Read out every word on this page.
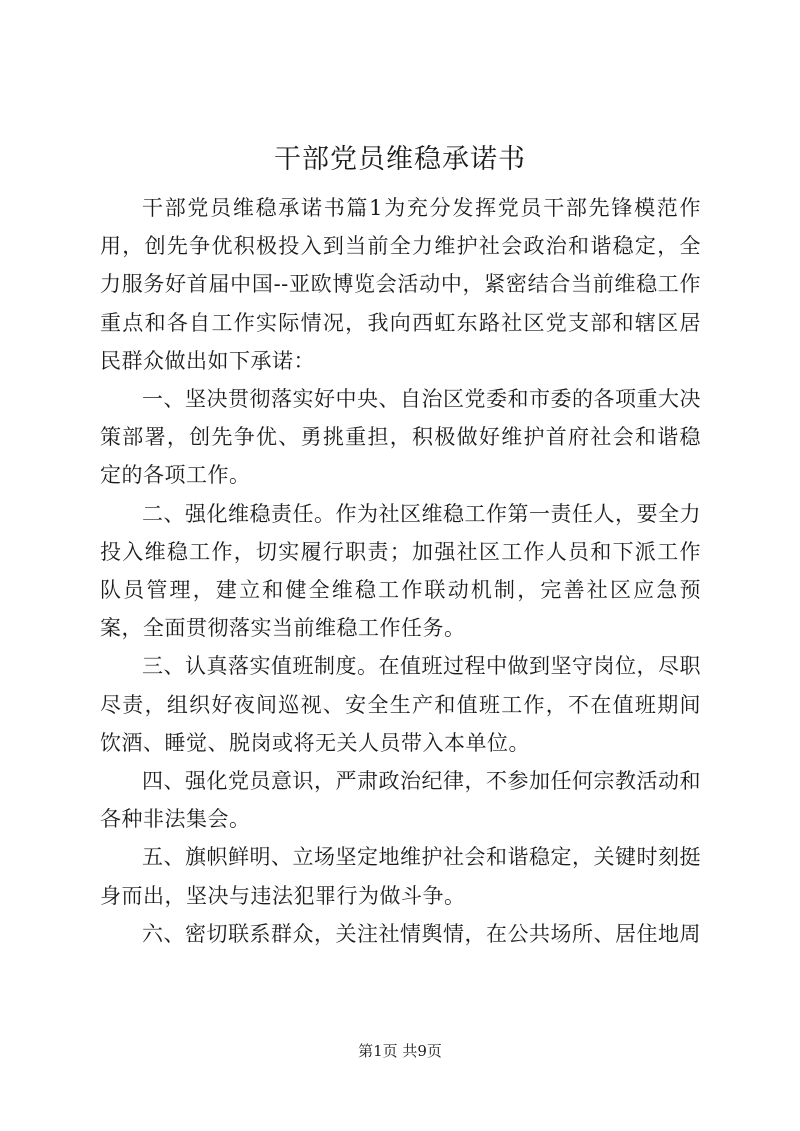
干部党员维稳承诺书

干部党员维稳承诺书篇1为充分发挥党员干部先锋模范作用，创先争优积极投入到当前全力维护社会政治和谐稳定，全力服务好首届中国--亚欧博览会活动中，紧密结合当前维稳工作重点和各自工作实际情况，我向西虹东路社区党支部和辖区居民群众做出如下承诺：

一、坚决贯彻落实好中央、自治区党委和市委的各项重大决策部署，创先争优、勇挑重担，积极做好维护首府社会和谐稳定的各项工作。

二、强化维稳责任。作为社区维稳工作第一责任人，要全力投入维稳工作，切实履行职责；加强社区工作人员和下派工作队员管理，建立和健全维稳工作联动机制，完善社区应急预案，全面贯彻落实当前维稳工作任务。

三、认真落实值班制度。在值班过程中做到坚守岗位，尽职尽责，组织好夜间巡视、安全生产和值班工作，不在值班期间饮酒、睡觉、脱岗或将无关人员带入本单位。

四、强化党员意识，严肃政治纪律，不参加任何宗教活动和各种非法集会。

五、旗帜鲜明、立场坚定地维护社会和谐稳定，关键时刻挺身而出，坚决与违法犯罪行为做斗争。

六、密切联系群众，关注社情舆情，在公共场所、居住地周

第1页 共9页
